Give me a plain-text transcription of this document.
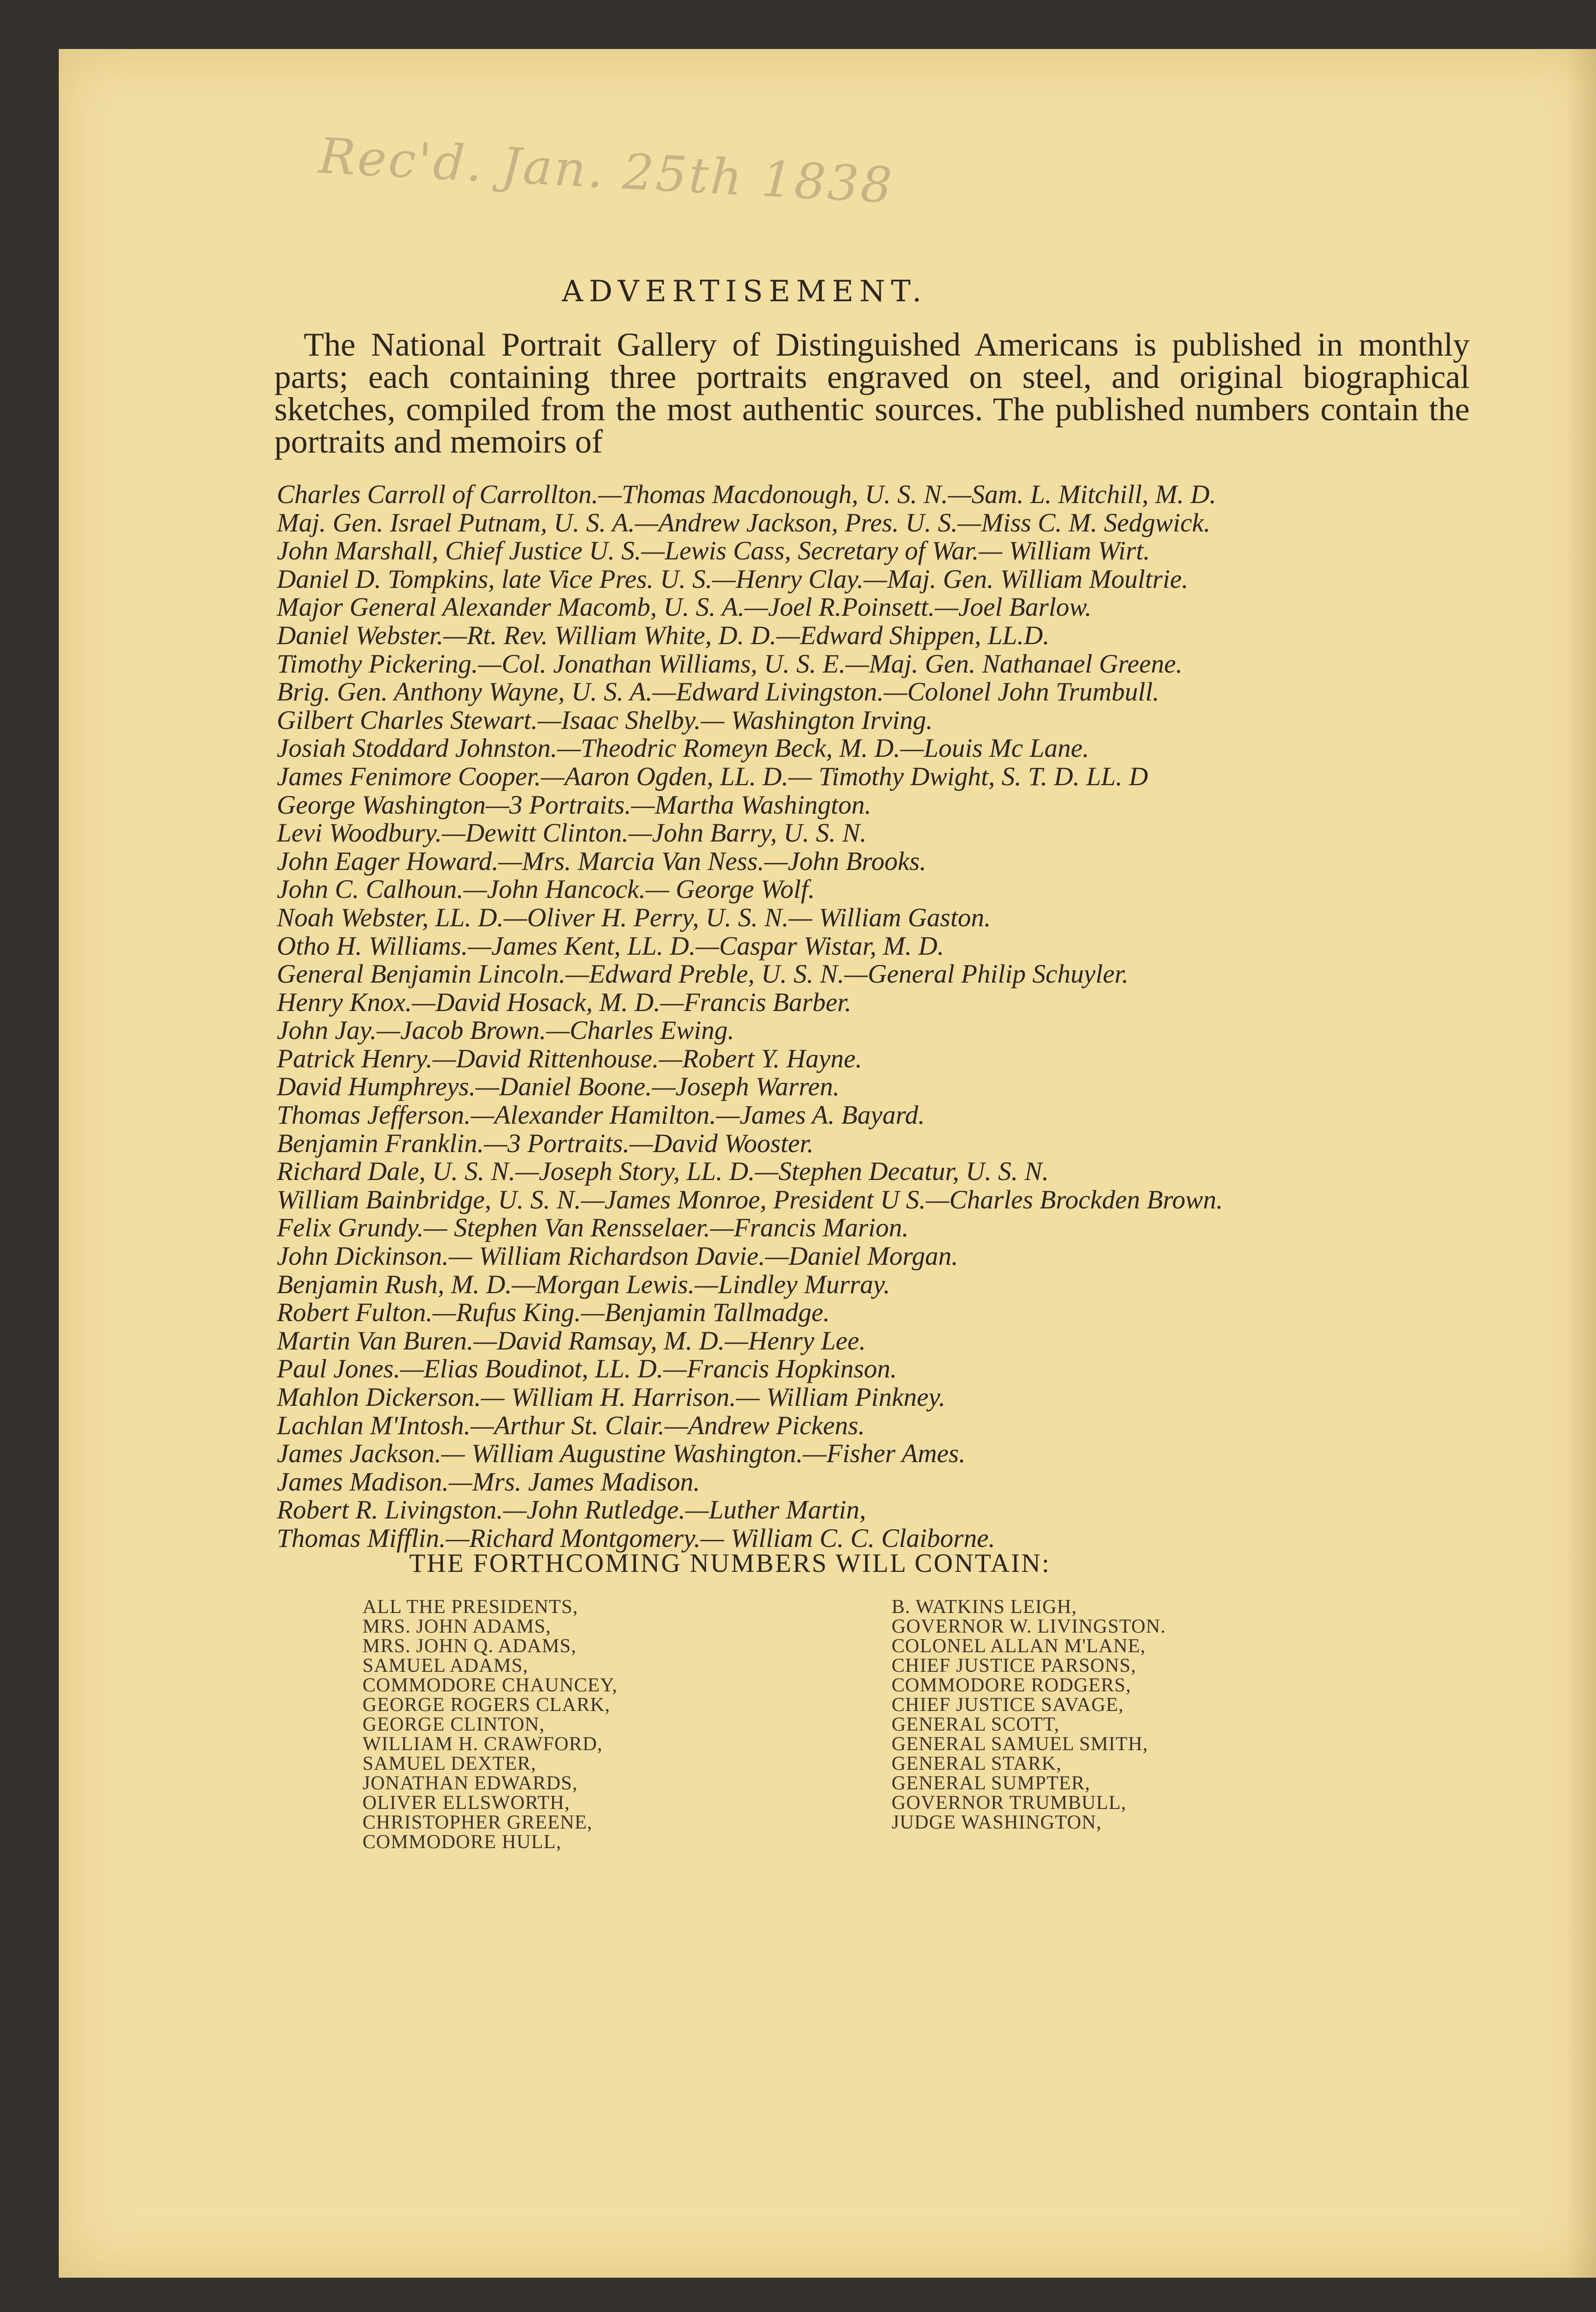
Rec'd. Jan. 25th 1838
ADVERTISEMENT.
The National Portrait Gallery of Distinguished Americans is published in monthly parts; each containing three portraits engraved on steel, and original biographical sketches, compiled from the most authentic sources. The published numbers contain the portraits and memoirs of
Charles Carroll of Carrollton.—Thomas Macdonough, U. S. N.—Sam. L. Mitchill, M. D.
Maj. Gen. Israel Putnam, U. S. A.—Andrew Jackson, Pres. U. S.—Miss C. M. Sedgwick.
John Marshall, Chief Justice U. S.—Lewis Cass, Secretary of War.— William Wirt.
Daniel D. Tompkins, late Vice Pres. U. S.—Henry Clay.—Maj. Gen. William Moultrie.
Major General Alexander Macomb, U. S. A.—Joel R.Poinsett.—Joel Barlow.
Daniel Webster.—Rt. Rev. William White, D. D.—Edward Shippen, LL.D.
Timothy Pickering.—Col. Jonathan Williams, U. S. E.—Maj. Gen. Nathanael Greene.
Brig. Gen. Anthony Wayne, U. S. A.—Edward Livingston.—Colonel John Trumbull.
Gilbert Charles Stewart.—Isaac Shelby.— Washington Irving.
Josiah Stoddard Johnston.—Theodric Romeyn Beck, M. D.—Louis Mc Lane.
James Fenimore Cooper.—Aaron Ogden, LL. D.— Timothy Dwight, S. T. D. LL. D
George Washington—3 Portraits.—Martha Washington.
Levi Woodbury.—Dewitt Clinton.—John Barry, U. S. N.
John Eager Howard.—Mrs. Marcia Van Ness.—John Brooks.
John C. Calhoun.—John Hancock.— George Wolf.
Noah Webster, LL. D.—Oliver H. Perry, U. S. N.— William Gaston.
Otho H. Williams.—James Kent, LL. D.—Caspar Wistar, M. D.
General Benjamin Lincoln.—Edward Preble, U. S. N.—General Philip Schuyler.
Henry Knox.—David Hosack, M. D.—Francis Barber.
John Jay.—Jacob Brown.—Charles Ewing.
Patrick Henry.—David Rittenhouse.—Robert Y. Hayne.
David Humphreys.—Daniel Boone.—Joseph Warren.
Thomas Jefferson.—Alexander Hamilton.—James A. Bayard.
Benjamin Franklin.—3 Portraits.—David Wooster.
Richard Dale, U. S. N.—Joseph Story, LL. D.—Stephen Decatur, U. S. N.
William Bainbridge, U. S. N.—James Monroe, President U S.—Charles Brockden Brown.
Felix Grundy.— Stephen Van Rensselaer.—Francis Marion.
John Dickinson.— William Richardson Davie.—Daniel Morgan.
Benjamin Rush, M. D.—Morgan Lewis.—Lindley Murray.
Robert Fulton.—Rufus King.—Benjamin Tallmadge.
Martin Van Buren.—David Ramsay, M. D.—Henry Lee.
Paul Jones.—Elias Boudinot, LL. D.—Francis Hopkinson.
Mahlon Dickerson.— William H. Harrison.— William Pinkney.
Lachlan M'Intosh.—Arthur St. Clair.—Andrew Pickens.
James Jackson.— William Augustine Washington.—Fisher Ames.
James Madison.—Mrs. James Madison.
Robert R. Livingston.—John Rutledge.—Luther Martin,
Thomas Mifflin.—Richard Montgomery.— William C. C. Claiborne.
THE FORTHCOMING NUMBERS WILL CONTAIN:
ALL THE PRESIDENTS,
MRS. JOHN ADAMS,
MRS. JOHN Q. ADAMS,
SAMUEL ADAMS,
COMMODORE CHAUNCEY,
GEORGE ROGERS CLARK,
GEORGE CLINTON,
WILLIAM H. CRAWFORD,
SAMUEL DEXTER,
JONATHAN EDWARDS,
OLIVER ELLSWORTH,
CHRISTOPHER GREENE,
COMMODORE HULL,
B. WATKINS LEIGH,
GOVERNOR W. LIVINGSTON.
COLONEL ALLAN M'LANE,
CHIEF JUSTICE PARSONS,
COMMODORE RODGERS,
CHIEF JUSTICE SAVAGE,
GENERAL SCOTT,
GENERAL SAMUEL SMITH,
GENERAL STARK,
GENERAL SUMPTER,
GOVERNOR TRUMBULL,
JUDGE WASHINGTON,
